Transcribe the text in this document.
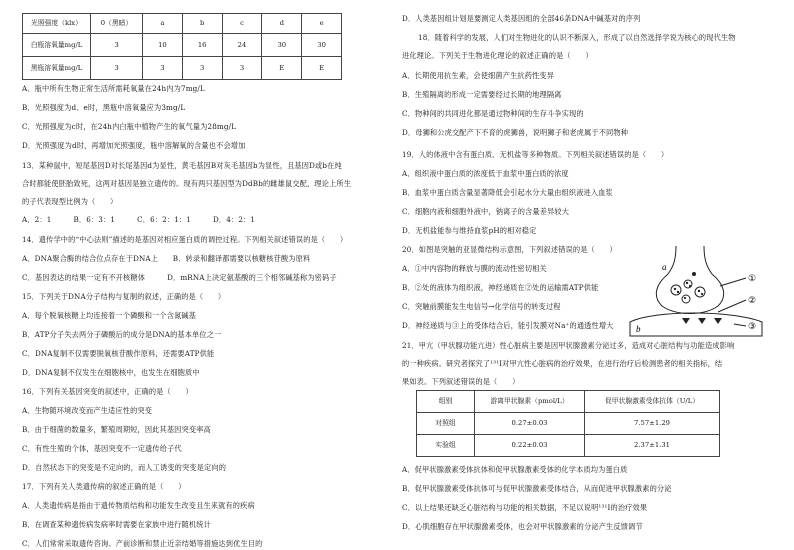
光照强度（klx）	0（黑暗）	a	b	c	d	e
白瓶溶氧量mg/L	3	10	16	24	30	30
黑瓶溶氧量mg/L	3	3	3	3	E	E
A．瓶中所有生物正常生活所需耗氧量在24h内为7mg/L
B．光照强度为d、e时，黑瓶中溶氧量应为3mg/L
C．光照强度为c时，在24h内白瓶中植物产生的氧气量为28mg/L
D．光照强度为d时，再增加光照强度，瓶中溶解氧的含量也不会增加
13．某种鼠中，短尾基因D对长尾基因d为显性，黄毛基因B对灰毛基因b为显性，且基因D或b在纯
合时都能使胚胎致死，这两对基因是独立遗传的。现有两只基因型为DdBb的雌雄鼠交配，理论上所生
的子代表现型比例为（　　）
A．2：1　　　B．6：3：1　　　C．6：2：1：1　　　D．4：2：1
14．遗传学中的“中心法则”描述的是基因对相应蛋白质的调控过程。下列相关叙述错误的是（　　）
A．DNA聚合酶的结合位点存在于DNA上　　B．转录和翻译都需要以核糖核苷酸为原料
C．基因表达的结果一定有不开核糖体　　　D．mRNA上决定氨基酸的三个相邻碱基称为密码子
15．下列关于DNA分子结构与复制的叙述，正确的是（　　）
A．每个脱氧核糖上均连接着一个磷酸和一个含氮碱基
B．ATP分子失去两分子磷酸后的成分是DNA的基本单位之一
C．DNA复制不仅需要脱氧核苷酸作原料，还需要ATP供能
D．DNA复制不仅发生在细胞核中，也发生在细胞质中
16．下列有关基因突变的叙述中，正确的是（　　）
A．生物随环境改变而产生适应性的突变
B．由于细菌的数量多，繁殖周期短，因此其基因突变率高
C．有性生殖的个体，基因突变不一定遗传给子代
D．自然状态下的突变是不定向的，而人工诱变的突变是定向的
17．下列有关人类遗传病的叙述正确的是（　　）
A．人类遗传病是指由于遗传物质结构和功能发生改变且生来就有的疾病
B．在调查某种遗传病发病率时需要在家族中进行随机统计
C．人们常常采取遗传咨询、产前诊断和禁止近亲结婚等措施达到优生目的
D．人类基因组计划是要测定人类基因组的全部46条DNA中碱基对的序列
18．随着科学的发展，人们对生物进化的认识不断深入，形成了以自然选择学说为核心的现代生物
进化理论。下列关于生物进化理论的叙述正确的是（　　）
A．长期使用抗生素，会使细菌产生抗药性变异
B．生殖隔离的形成一定需要经过长期的地理隔离
C．物种间的共同进化都是通过物种间的生存斗争实现的
D．母狮和公虎交配产下不育的虎狮兽，说明狮子和老虎属于不同物种
19．人的体液中含有蛋白质、无机盐等多种物质。下列相关叙述错误的是（　　）
A．组织液中蛋白质的浓度低于血浆中蛋白质的浓度
B．血浆中蛋白质含量显著降低会引起水分大量由组织液进入血浆
C．细胞内液和细胞外液中，钠离子的含量差异较大
D．无机盐能参与维持血浆pH的相对稳定
20．如图是突触的亚显微结构示意图，下列叙述错误的是（　　）
A．①中内容物的释放与膜的流动性密切相关
B．②处的液体为组织液，神经递质在②处的运输需ATP供能
C．突触前膜能发生电信号→化学信号的转变过程
D．神经递质与③上的受体结合后，能引发膜对Na⁺的通透性增大
a
b
①
②
③
21．甲亢（甲状腺功能亢进）性心脏病主要是因甲状腺激素分泌过多，造成对心脏结构与功能造成影响
的一种疾病。研究者探究了¹³¹I对甲亢性心脏病的治疗效果，在进行治疗后检测患者的相关指标，结
果如表。下列叙述错误的是（　　）
组别	游离甲状腺素（pmol/L）	促甲状腺激素受体抗体（U/L）
对照组	0.27±0.03	7.57±1.29
实验组	0.22±0.03	2.37±1.31
A．促甲状腺激素受体抗体和促甲状腺激素受体的化学本质均为蛋白质
B．促甲状腺激素受体抗体可与促甲状腺激素受体结合，从而促进甲状腺激素的分泌
C．以上结果还缺乏心脏结构与功能的相关数据，不足以说明¹³¹I的治疗效果
D．心肌细胞存在甲状腺激素受体，也会对甲状腺激素的分泌产生反馈调节
